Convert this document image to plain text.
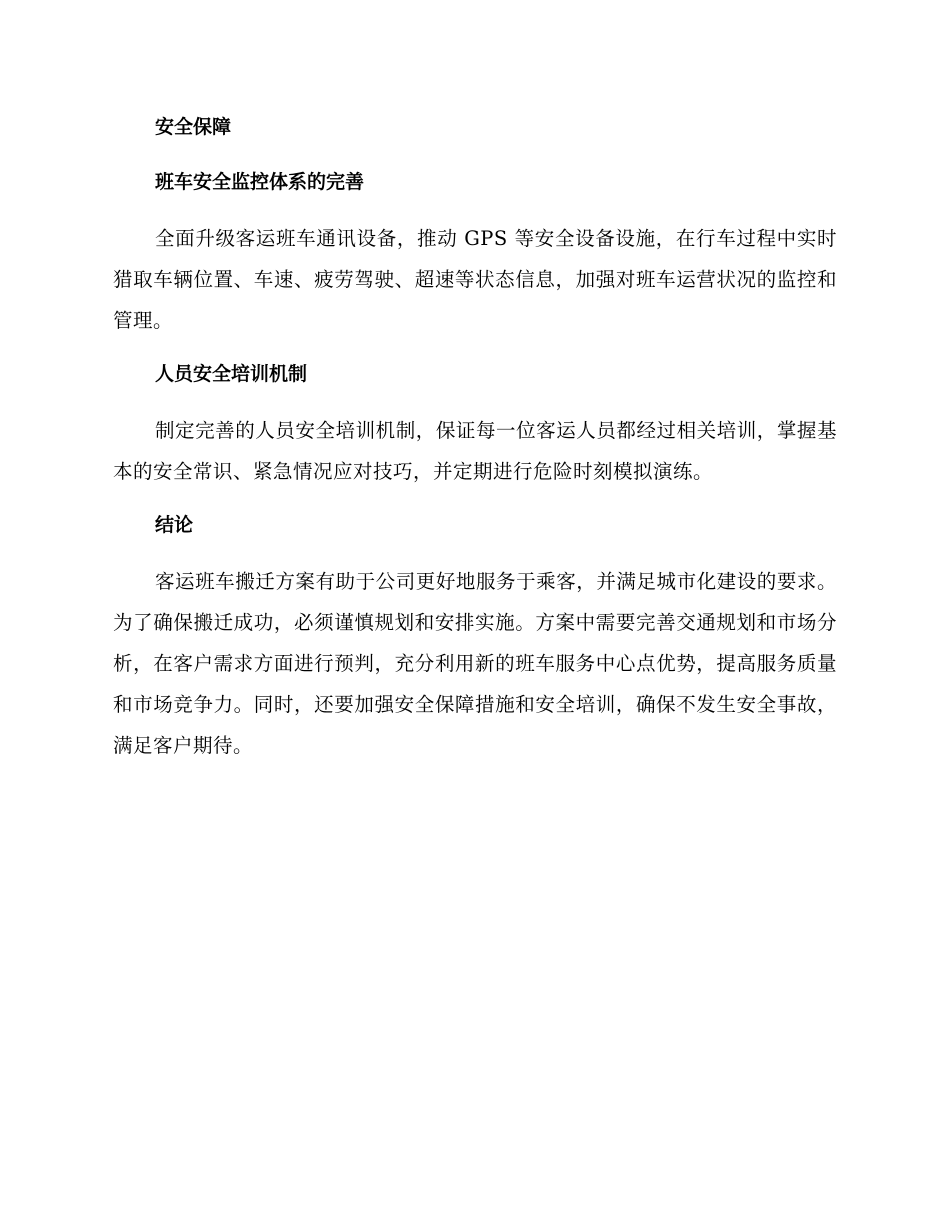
安全保障
班车安全监控体系的完善

全面升级客运班车通讯设备，推动 GPS 等安全设备设施，在行车过程中实时猎取车辆位置、车速、疲劳驾驶、超速等状态信息，加强对班车运营状况的监控和管理。

人员安全培训机制

制定完善的人员安全培训机制，保证每一位客运人员都经过相关培训，掌握基本的安全常识、紧急情况应对技巧，并定期进行危险时刻模拟演练。

结论

客运班车搬迁方案有助于公司更好地服务于乘客，并满足城市化建设的要求。为了确保搬迁成功，必须谨慎规划和安排实施。方案中需要完善交通规划和市场分析，在客户需求方面进行预判，充分利用新的班车服务中心点优势，提高服务质量和市场竞争力。同时，还要加强安全保障措施和安全培训，确保不发生安全事故，满足客户期待。
